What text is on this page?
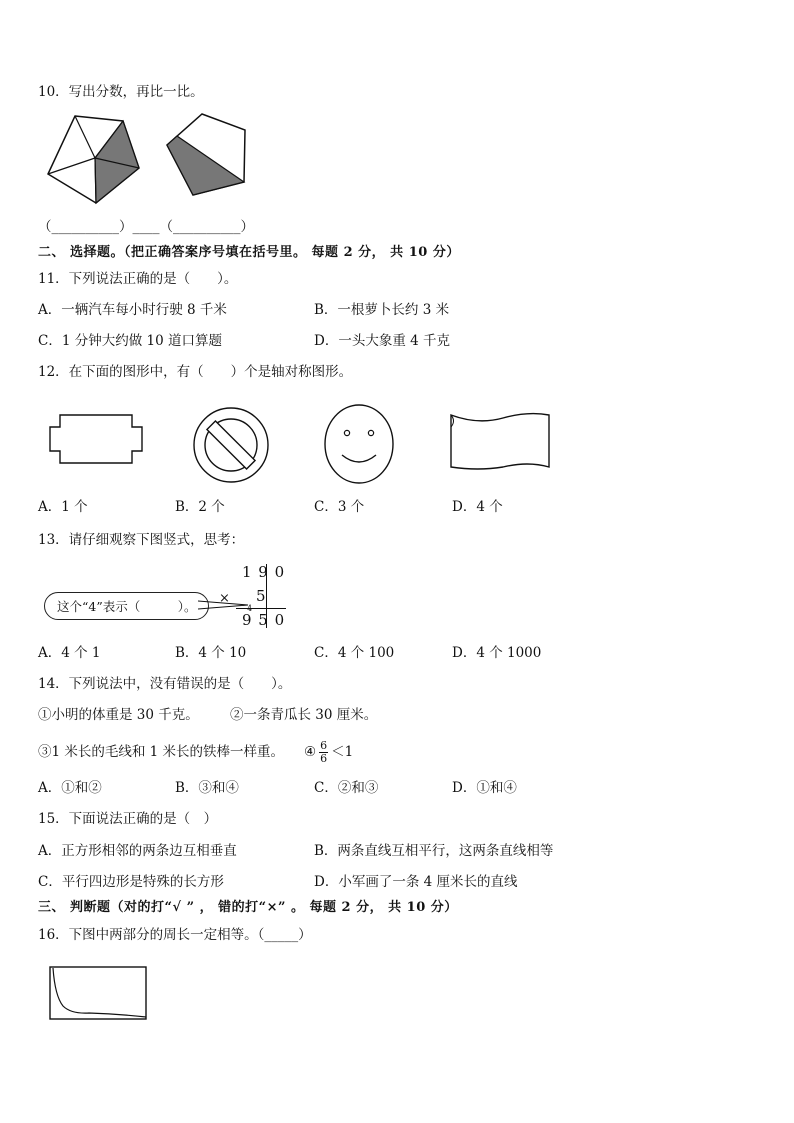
10．写出分数，再比一比。
（__________）____（__________）
二、 选择题。（把正确答案序号填在括号里。 每题 2 分， 共 10 分）
11．下列说法正确的是（　　）。
A．一辆汽车每小时行驶 8 千米	B．一根萝卜长约 3 米
C．1 分钟大约做 10 道口算题	D．一头大象重 4 千克
12．在下面的图形中，有（　　）个是轴对称图形。
A．1 个	B．2 个	C．3 个	D．4 个
13．请仔细观察下图竖式，思考：
这个“4”表示（　　　）。
1 9 0
× 5
4
9 5 0
A．4 个 1	B．4 个 10	C．4 个 100	D．4 个 1000
14．下列说法中，没有错误的是（　　）。
①小明的体重是 30 千克。 ②一条青瓜长 30 厘米。
③1 米长的毛线和 1 米长的铁棒一样重。 ④ $\frac{6}{6} <1$
A．①和②	B．③和④	C．②和③	D．①和④
15．下面说法正确的是（　）
A．正方形相邻的两条边互相垂直	B．两条直线互相平行，这两条直线相等
C．平行四边形是特殊的长方形	D．小军画了一条 4 厘米长的直线
三、 判断题（对的打“√ ” ， 错的打“×” 。 每题 2 分， 共 10 分）
16．下图中两部分的周长一定相等。（_____）
